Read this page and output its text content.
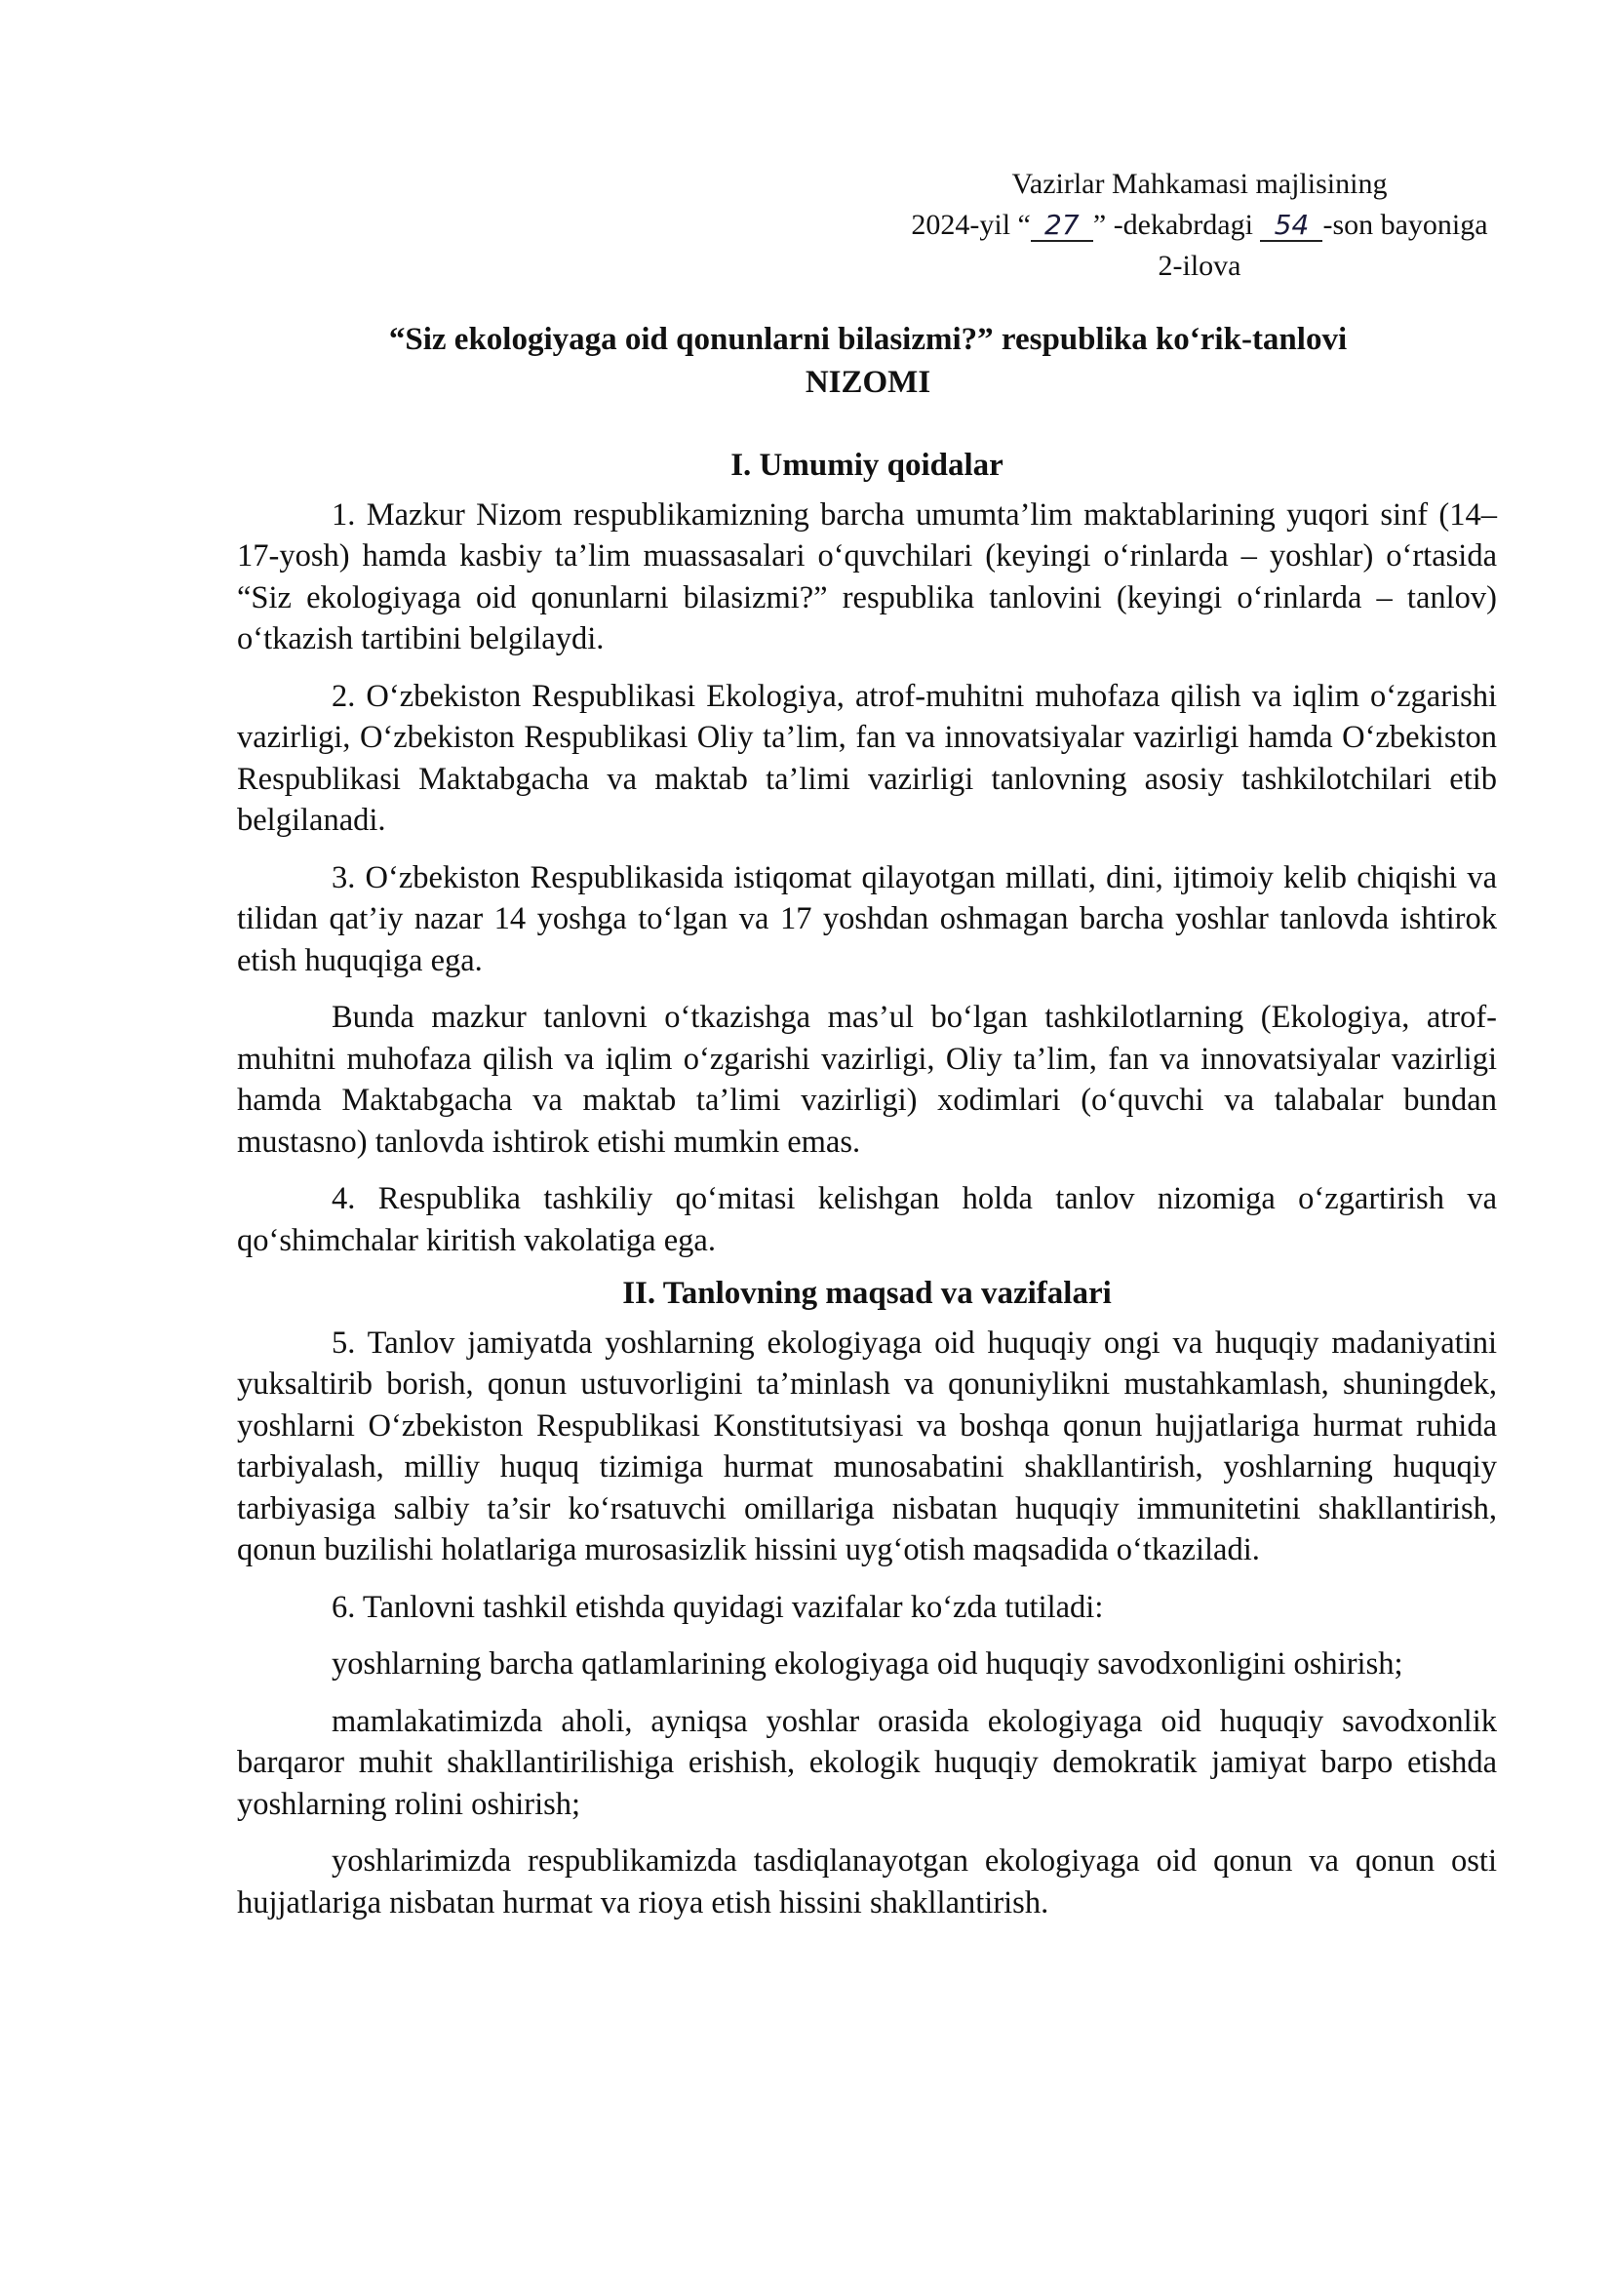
Vazirlar Mahkamasi majlisining
2024-yil “ 27 ” -dekabrdagi 54 -son bayoniga
2-ilova
“Siz ekologiyaga oid qonunlarni bilasizmi?” respublika koʻrik-tanlovi
NIZOMI
I. Umumiy qoidalar

1. Mazkur Nizom respublikamizning barcha umumta’lim maktablarining yuqori sinf (14–17-yosh) hamda kasbiy ta’lim muassasalari oʻquvchilari (keyingi oʻrinlarda – yoshlar) oʻrtasida “Siz ekologiyaga oid qonunlarni bilasizmi?” respublika tanlovini (keyingi oʻrinlarda – tanlov) oʻtkazish tartibini belgilaydi.

2. Oʻzbekiston Respublikasi Ekologiya, atrof-muhitni muhofaza qilish va iqlim oʻzgarishi vazirligi, Oʻzbekiston Respublikasi Oliy ta’lim, fan va innovatsiyalar vazirligi hamda Oʻzbekiston Respublikasi Maktabgacha va maktab ta’limi vazirligi tanlovning asosiy tashkilotchilari etib belgilanadi.

3. Oʻzbekiston Respublikasida istiqomat qilayotgan millati, dini, ijtimoiy kelib chiqishi va tilidan qat’iy nazar 14 yoshga toʻlgan va 17 yoshdan oshmagan barcha yoshlar tanlovda ishtirok etish huquqiga ega.

Bunda mazkur tanlovni oʻtkazishga mas’ul boʻlgan tashkilotlarning (Ekologiya, atrof-muhitni muhofaza qilish va iqlim oʻzgarishi vazirligi, Oliy ta’lim, fan va innovatsiyalar vazirligi hamda Maktabgacha va maktab ta’limi vazirligi) xodimlari (oʻquvchi va talabalar bundan mustasno) tanlovda ishtirok etishi mumkin emas.

4. Respublika tashkiliy qoʻmitasi kelishgan holda tanlov nizomiga oʻzgartirish va qoʻshimchalar kiritish vakolatiga ega.

II. Tanlovning maqsad va vazifalari

5. Tanlov jamiyatda yoshlarning ekologiyaga oid huquqiy ongi va huquqiy madaniyatini yuksaltirib borish, qonun ustuvorligini ta’minlash va qonuniylikni mustahkamlash, shuningdek, yoshlarni Oʻzbekiston Respublikasi Konstitutsiyasi va boshqa qonun hujjatlariga hurmat ruhida tarbiyalash, milliy huquq tizimiga hurmat munosabatini shakllantirish, yoshlarning huquqiy tarbiyasiga salbiy ta’sir koʻrsatuvchi omillariga nisbatan huquqiy immunitetini shakllantirish, qonun buzilishi holatlariga murosasizlik hissini uygʻotish maqsadida oʻtkaziladi.

6. Tanlovni tashkil etishda quyidagi vazifalar koʻzda tutiladi:

yoshlarning barcha qatlamlarining ekologiyaga oid huquqiy savodxonligini oshirish;

mamlakatimizda aholi, ayniqsa yoshlar orasida ekologiyaga oid huquqiy savodxonlik barqaror muhit shakllantirilishiga erishish, ekologik huquqiy demokratik jamiyat barpo etishda yoshlarning rolini oshirish;

yoshlarimizda respublikamizda tasdiqlanayotgan ekologiyaga oid qonun va qonun osti hujjatlariga nisbatan hurmat va rioya etish hissini shakllantirish.
